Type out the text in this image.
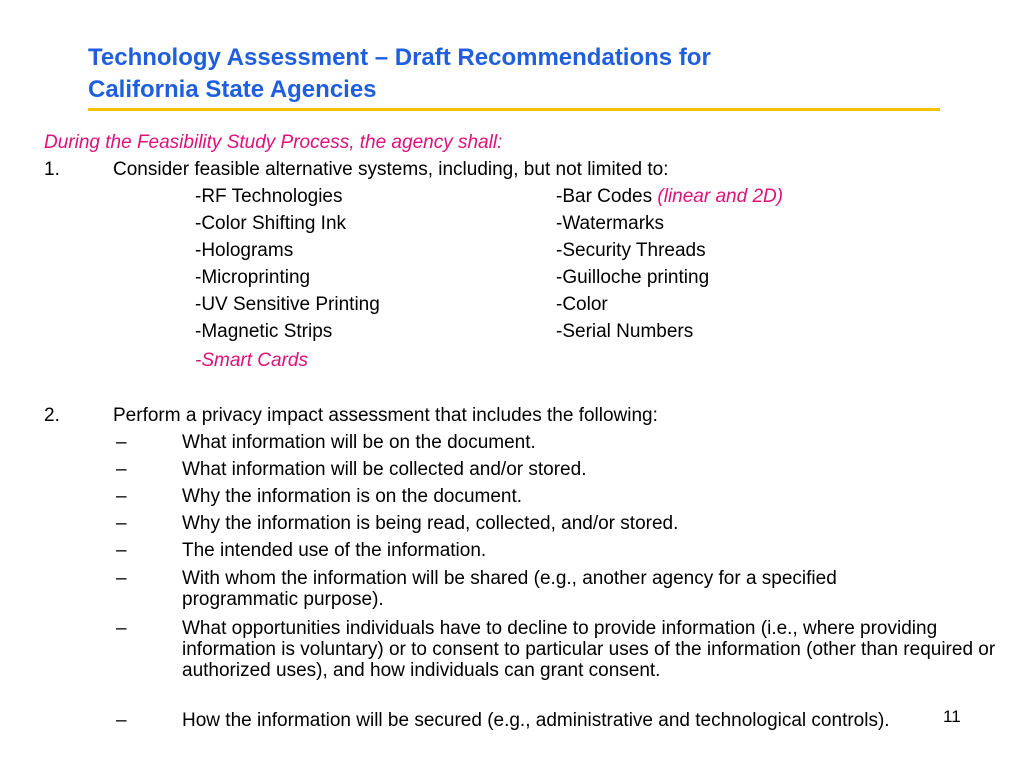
Technology Assessment – Draft Recommendations for
California State Agencies
During the Feasibility Study Process, the agency shall:
1.	Consider feasible alternative systems, including, but not limited to:
-RF Technologies
-Color Shifting Ink
-Holograms
-Microprinting
-UV Sensitive Printing
-Magnetic Strips
-Smart Cards
-Bar Codes (linear and 2D)
-Watermarks
-Security Threads
-Guilloche printing
-Color
-Serial Numbers
2.	Perform a privacy impact assessment that includes the following:
–	What information will be on the document.
–	What information will be collected and/or stored.
–	Why the information is on the document.
–	Why the information is being read, collected, and/or stored.
–	The intended use of the information.
–	With whom the information will be shared (e.g., another agency for a specified programmatic purpose).
–	What opportunities individuals have to decline to provide information (i.e., where providing information is voluntary) or to consent to particular uses of the information (other than required or authorized uses), and how individuals can grant consent.
–	How the information will be secured (e.g., administrative and technological controls).	11
